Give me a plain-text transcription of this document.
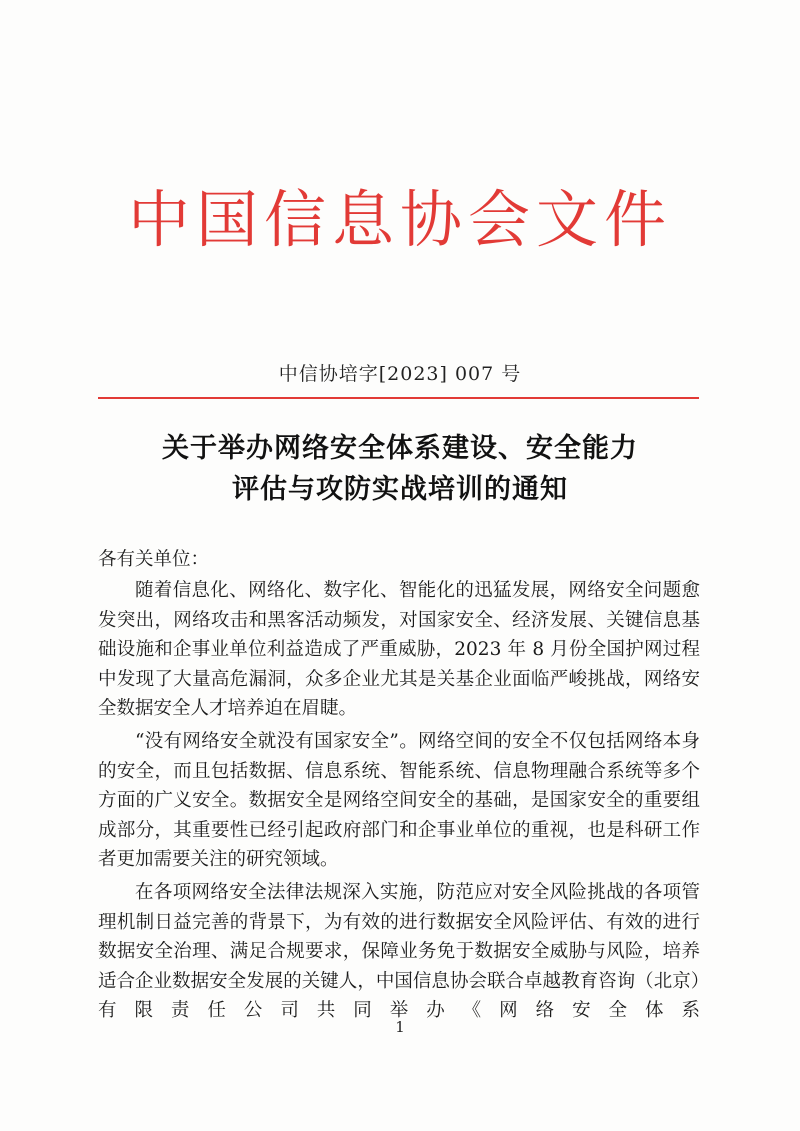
中国信息协会文件
中信协培字[2023] 007 号
关于举办网络安全体系建设、安全能力
评估与攻防实战培训的通知

各有关单位：

随着信息化、网络化、数字化、智能化的迅猛发展，网络安全问题愈发突出，网络攻击和黑客活动频发，对国家安全、经济发展、关键信息基础设施和企事业单位利益造成了严重威胁，2023 年 8 月份全国护网过程中发现了大量高危漏洞，众多企业尤其是关基企业面临严峻挑战，网络安全数据安全人才培养迫在眉睫。

“没有网络安全就没有国家安全”。网络空间的安全不仅包括网络本身的安全，而且包括数据、信息系统、智能系统、信息物理融合系统等多个方面的广义安全。数据安全是网络空间安全的基础，是国家安全的重要组成部分，其重要性已经引起政府部门和企事业单位的重视，也是科研工作者更加需要关注的研究领域。

在各项网络安全法律法规深入实施，防范应对安全风险挑战的各项管理机制日益完善的背景下，为有效的进行数据安全风险评估、有效的进行数据安全治理、满足合规要求，保障业务免于数据安全威胁与风险，培养适合企业数据安全发展的关键人，中国信息协会联合卓越教育咨询（北京）有限责任公司共同举办《网络安全体系

1
